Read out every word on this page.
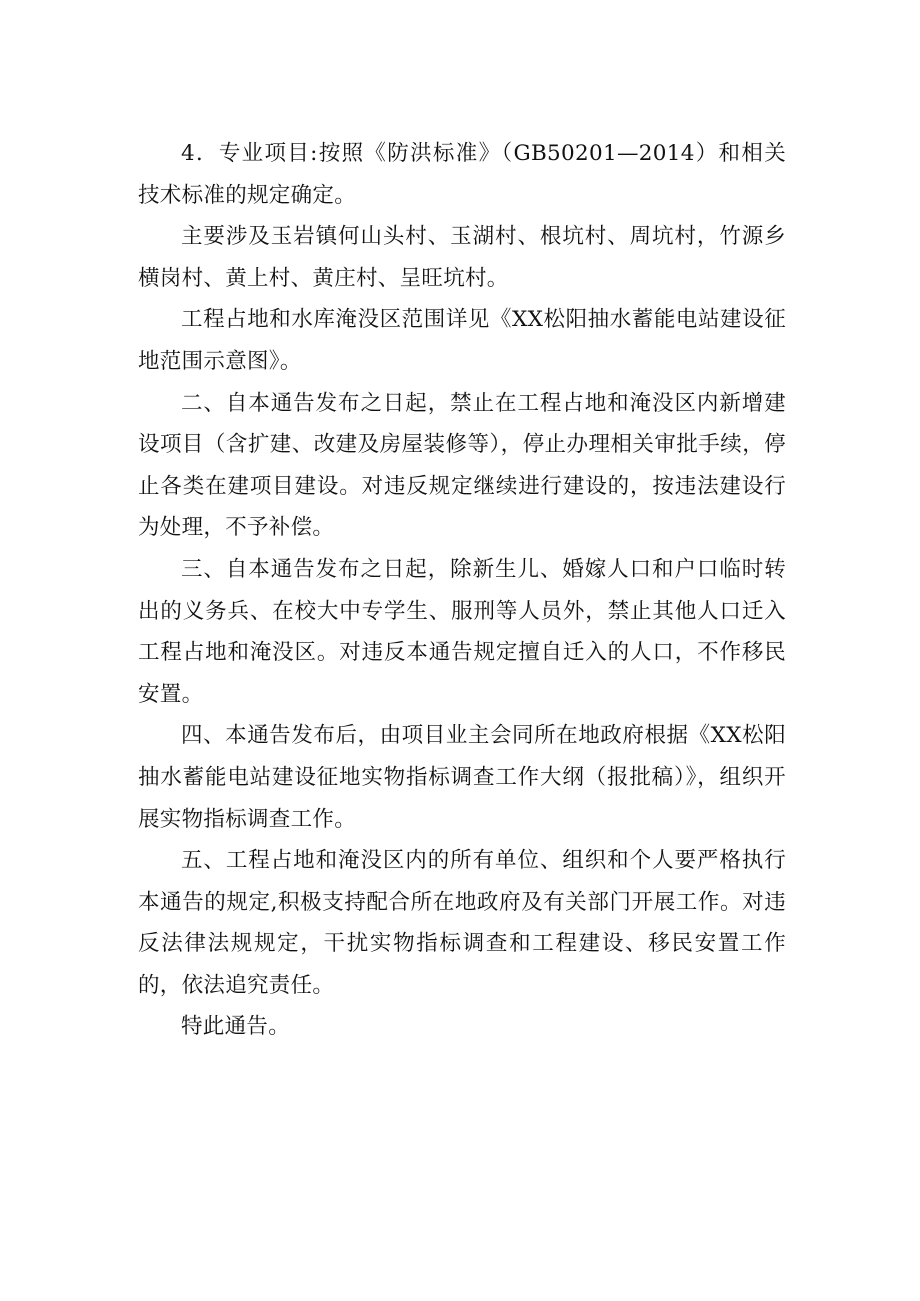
4．专业项目:按照《防洪标准》（GB50201—2014）和相关技术标准的规定确定。

主要涉及玉岩镇何山头村、玉湖村、根坑村、周坑村，竹源乡横岗村、黄上村、黄庄村、呈旺坑村。

工程占地和水库淹没区范围详见《XX松阳抽水蓄能电站建设征地范围示意图》。

二、自本通告发布之日起，禁止在工程占地和淹没区内新增建设项目（含扩建、改建及房屋装修等），停止办理相关审批手续，停止各类在建项目建设。对违反规定继续进行建设的，按违法建设行为处理，不予补偿。

三、自本通告发布之日起，除新生儿、婚嫁人口和户口临时转出的义务兵、在校大中专学生、服刑等人员外，禁止其他人口迁入工程占地和淹没区。对违反本通告规定擅自迁入的人口，不作移民安置。

四、本通告发布后，由项目业主会同所在地政府根据《XX松阳抽水蓄能电站建设征地实物指标调查工作大纲（报批稿）》，组织开展实物指标调查工作。

五、工程占地和淹没区内的所有单位、组织和个人要严格执行本通告的规定,积极支持配合所在地政府及有关部门开展工作。对违反法律法规规定，干扰实物指标调查和工程建设、移民安置工作的，依法追究责任。

特此通告。
